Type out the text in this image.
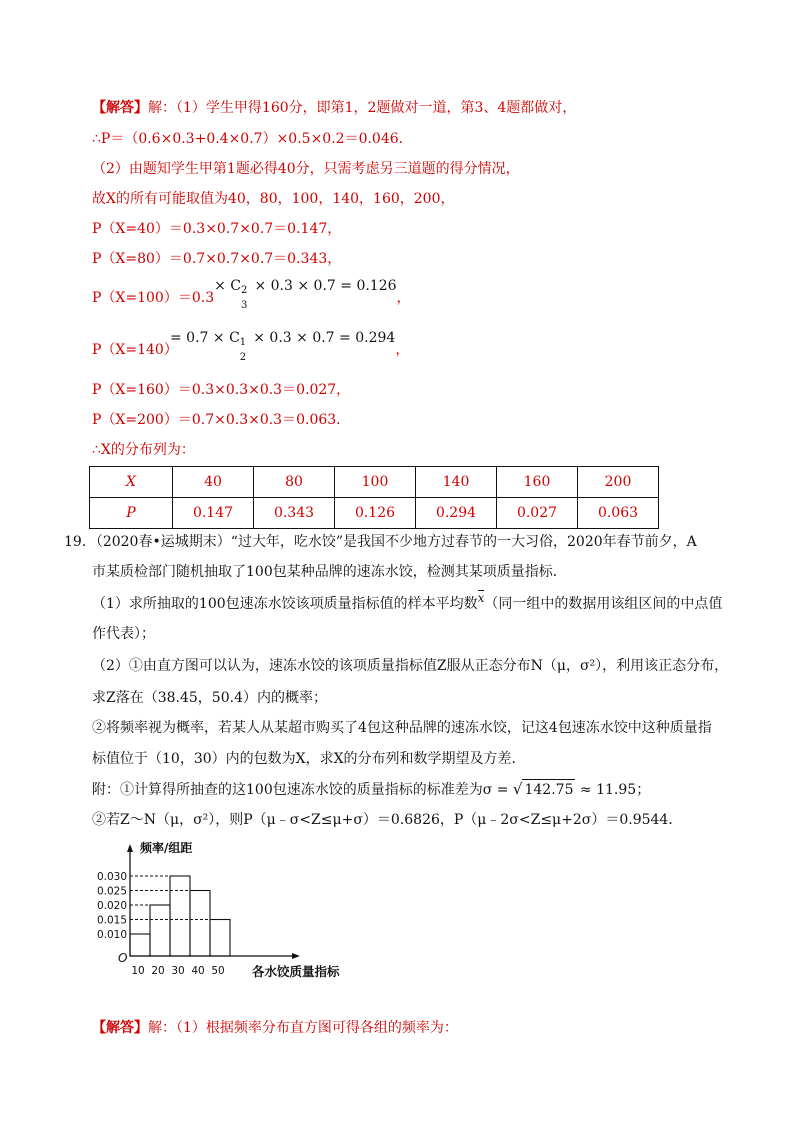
【解答】解：（1）学生甲得160分，即第1，2题做对一道，第3、4题都做对，
∴P＝（0.6×0.3+0.4×0.7）×0.5×0.2＝0.046．
（2）由题知学生甲第1题必得40分，只需考虑另三道题的得分情况，
故X的所有可能取值为40，80，100，140，160，200，
P（X=40）＝0.3×0.7×0.7＝0.147，
P（X=80）＝0.7×0.7×0.7＝0.343，
P（X=100）＝0.3× C 2
3
× 0.3 × 0.7 = 0.126，
= 0.7 × C 1
2
× 0.3 × 0.7 = 0.294，
P（X=140）
P（X=160）＝0.3×0.3×0.3＝0.027，
P（X=200）＝0.7×0.3×0.3＝0.063．
∴X的分布列为：
X	40	80	100	140	160	200
P	0.147	0.343	0.126	0.294	0.027	0.063
19．（2020春•运城期末）“过大年，吃水饺”是我国不少地方过春节的一大习俗，2020年春节前夕，A
市某质检部门随机抽取了100包某种品牌的速冻水饺，检测其某项质量指标．
（1）求所抽取的100包速冻水饺该项质量指标值的样本平均数x（同一组中的数据用该组区间的中点值
作代表）；
（2）①由直方图可以认为，速冻水饺的该项质量指标值Z服从正态分布N（μ，σ²），利用该正态分布，
求Z落在（38.45，50.4）内的概率；
②将频率视为概率，若某人从某超市购买了4包这种品牌的速冻水饺，记这4包速冻水饺中这种质量指
标值位于（10，30）内的包数为X，求X的分布列和数学期望及方差．
附：①计算得所抽查的这100包速冻水饺的质量指标的标准差为σ = √ 142.75 ≈ 11.95；
②若Z～N（μ，σ²），则P（μ﹣σ<Z≤μ+σ）＝0.6826，P（μ﹣2σ<Z≤μ+2σ）＝0.9544．
0.030
0.025
0.020
0.015
0.010
10 20 30 40 50
O
频率/组距
各水饺质量指标
【解答】解：（1）根据频率分布直方图可得各组的频率为：
